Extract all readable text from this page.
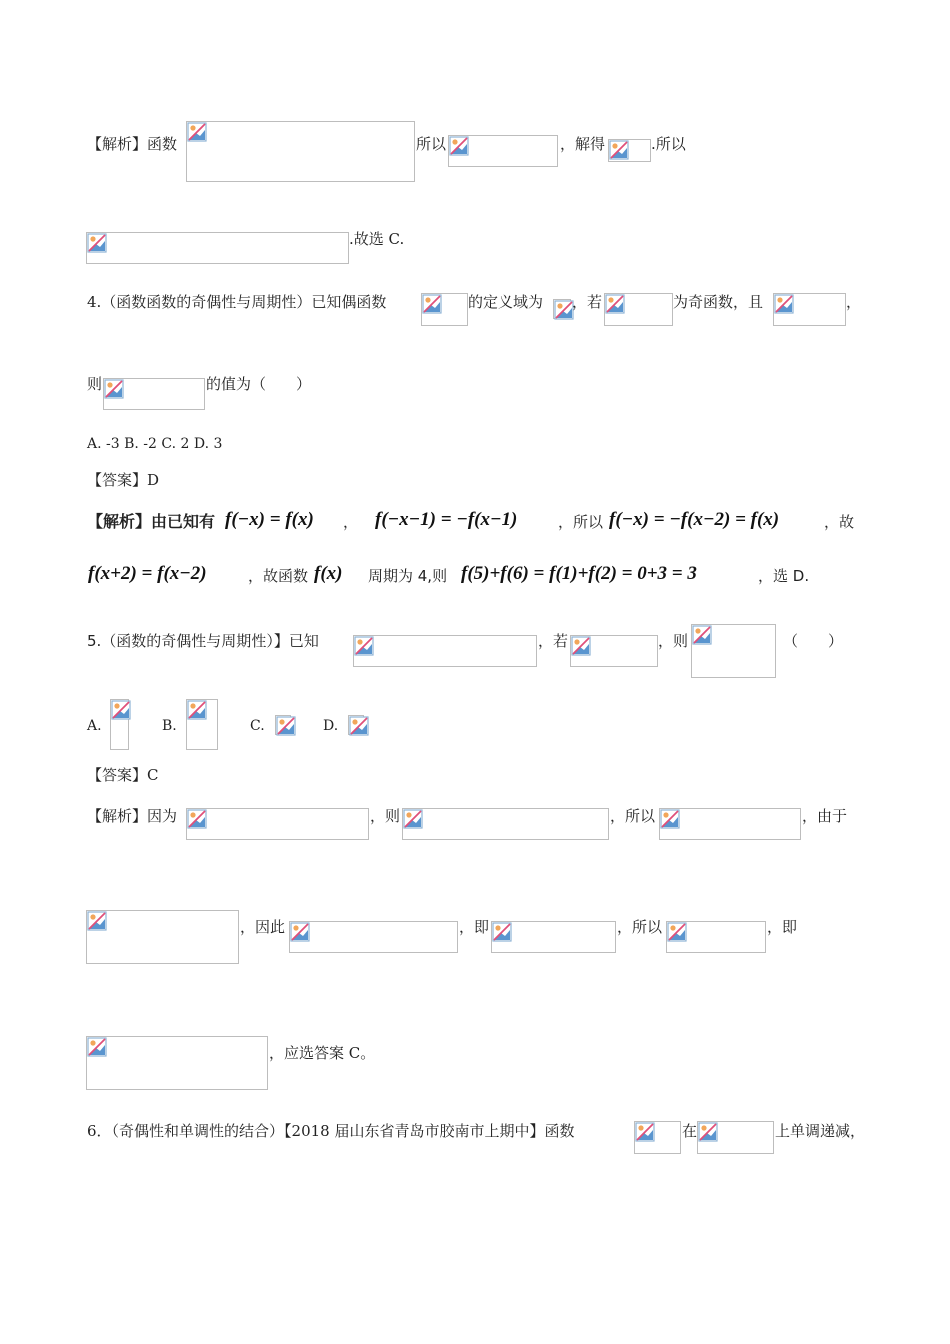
【解析】函数	所以	，解得	.所以
.故选 C.
4.（函数函数的奇偶性与周期性）已知偶函数	的定义域为 ，若	为奇函数，且	，
则	的值为（　　）
A. -3 B. -2 C. 2 D. 3
【答案】D
【解析】由已知有 f(−x) = f(x) ， f(−x−1) = −f(x−1)	，所以 f(−x) = −f(x−2) = f(x)	，故
f(x+2) = f(x−2)	，故函数 f(x) 周期为 4,则 f(5)+f(6) = f(1)+f(2) = 0+3 = 3	，选 D.
5.（函数的奇偶性与周期性）】已知	，若	，则	（　　）
A.	B.	C.	D.
【答案】C
【解析】因为	，则	，所以	，由于
，因此	，即	，所以	，即
，应选答案 C。
6．（奇偶性和单调性的结合）【2018 届山东省青岛市胶南市上期中】函数	在	上单调递减，
